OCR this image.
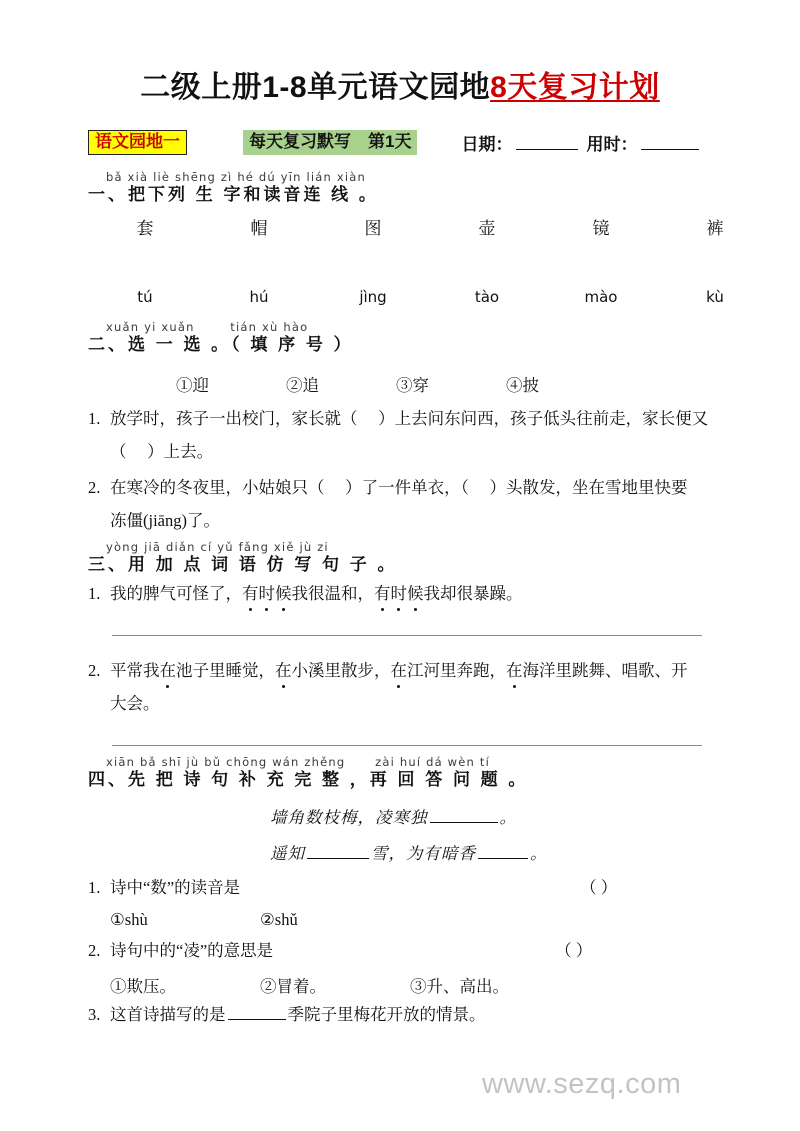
二级上册1-8单元语文园地8天复习计划
语文园地一	每天复习默写　第1天	日期：	用时：
bǎ xià liè shēng zì hé dú yīn lián xiàn
一、把下列 生 字和读音连 线 。
套	帽	图	壶	镜	裤
tú	hú	jìng	tào	mào	kù
xuǎn yi xuǎn	tián xù hào
二、选 一 选 。（ 填 序 号 ）
①迎	②追	③穿	④披
1. 放学时，孩子一出校门，家长就（ ）上去问东问西，孩子低头往前走，家长便又
（ ）上去。
2. 在寒冷的冬夜里，小姑娘只（ ）了一件单衣，（ ）头散发，坐在雪地里快要
冻僵(jiāng)了。
yòng jiā diǎn cí yǔ fǎng xiě jù zi
三、用 加 点 词 语 仿 写 句 子 。
1. 我的脾气可怪了，有时候我很温和，有时候我却很暴躁。
2. 平常我在池子里睡觉，在小溪里散步，在江河里奔跑，在海洋里跳舞、唱歌、开
大会。
xiān bǎ shī jù bǔ chōng wán zhěng	zài huí dá wèn tí
四、先 把 诗 句 补 充 完 整 ，再 回 答 问 题 。
墙角数枝梅，凌寒独	。
遥知	雪，为有暗香	。
1. 诗中“数”的读音是	（ ）
①shù	②shǔ
2. 诗句中的“凌”的意思是	（ ）
①欺压。	②冒着。	③升、高出。
3. 这首诗描写的是	季院子里梅花开放的情景。
www.sezq.com
